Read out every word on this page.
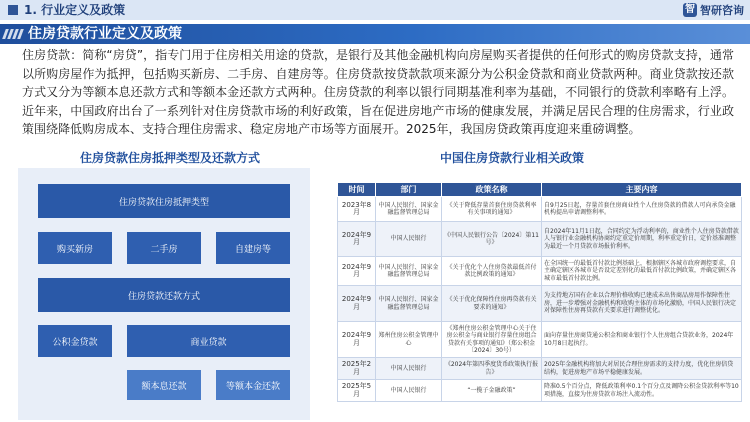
1. 行业定义及政策	智 智研咨询
住房贷款行业定义及政策
住房贷款：简称“房贷”，指专门用于住房相关用途的贷款，是银行及其他金融机构向房屋购买者提供的任何形式的购房贷款支持，通常以所购房屋作为抵押，包括购买新房、二手房、自建房等。住房贷款按贷款款项来源分为公积金贷款和商业贷款两种。商业贷款按还款方式又分为等额本息还款方式和等额本金还款方式两种。住房贷款的利率以银行同期基准利率为基础，不同银行的贷款利率略有上浮。近年来，中国政府出台了一系列针对住房贷款市场的利好政策，旨在促进房地产市场的健康发展，并满足居民合理的住房需求，行业政策围绕降低购房成本、支持合理住房需求、稳定房地产市场等方面展开。2025年，我国房贷政策再度迎来重磅调整。
住房贷款住房抵押类型及还款方式	中国住房贷款行业相关政策
住房贷款住房抵押类型
购买新房	二手房	自建房等
住房贷款还款方式
公积金贷款	商业贷款
额本息还款	等额本金还款
时间	部门	政策名称	主要内容
2023年8月	中国人民银行、国家金融监督管理总局	《关于降低存量首套住房贷款利率有关事项的通知》	自9月25日起，存量首套住房商业性个人住房贷款的借款人可向承贷金融机构提出申请调整利率。
2024年9月	中国人民银行	《中国人民银行公告〔2024〕第11号》	自2024年11月1日起，合同约定为浮动利率的，商业性个人住房贷款借款人与银行业金融机构协商约定重定价周期，利率重定价日，定价基准调整为最近一个月贷款市场报价利率。
2024年9月	中国人民银行、国家金融监督管理总局	《关于优化个人住房贷款最低首付款比例政策的通知》	在全国统一的最低首付款比例基础上，根据辖区各城市政府调控要求，自主确定辖区各城市是否设定差别化的最低首付款比例政策，并确定辖区各城市最低首付款比例。
2024年9月	中国人民银行、国家金融监督管理总局	《关于优化保障性住房再贷款有关要求的通知》	为支持地方国有企业以合理价格收购已建成未出售商品房用作保障性住房，进一步增强对金融机构和收购主体的市场化激励，中国人民银行决定对保障性住房再贷款有关要求进行调整优化。
2024年9月	郑州住房公积金管理中心	《郑州住房公积金管理中心关于住房公积金与商业银行存量住房组合贷款有关事项的通知》（郑公积金〔2024〕30号）	面向存量住房商贷通公积金和商业银行个人住房组合贷款业务，2024年10月8日起执行。
2025年2月	中国人民银行	《2024年第四季度货币政策执行报告》	2025年金融机构将加大对居民合理住房需求的支持力度，优化住房信贷结构，促进房地产市场平稳健康发展。
2025年5月	中国人民银行	“一揽子金融政策”	降准0.5个百分点，降低政策利率0.1个百分点及调降公积金贷款利率等10项措施，直接为住房贷款市场注入流动性。
